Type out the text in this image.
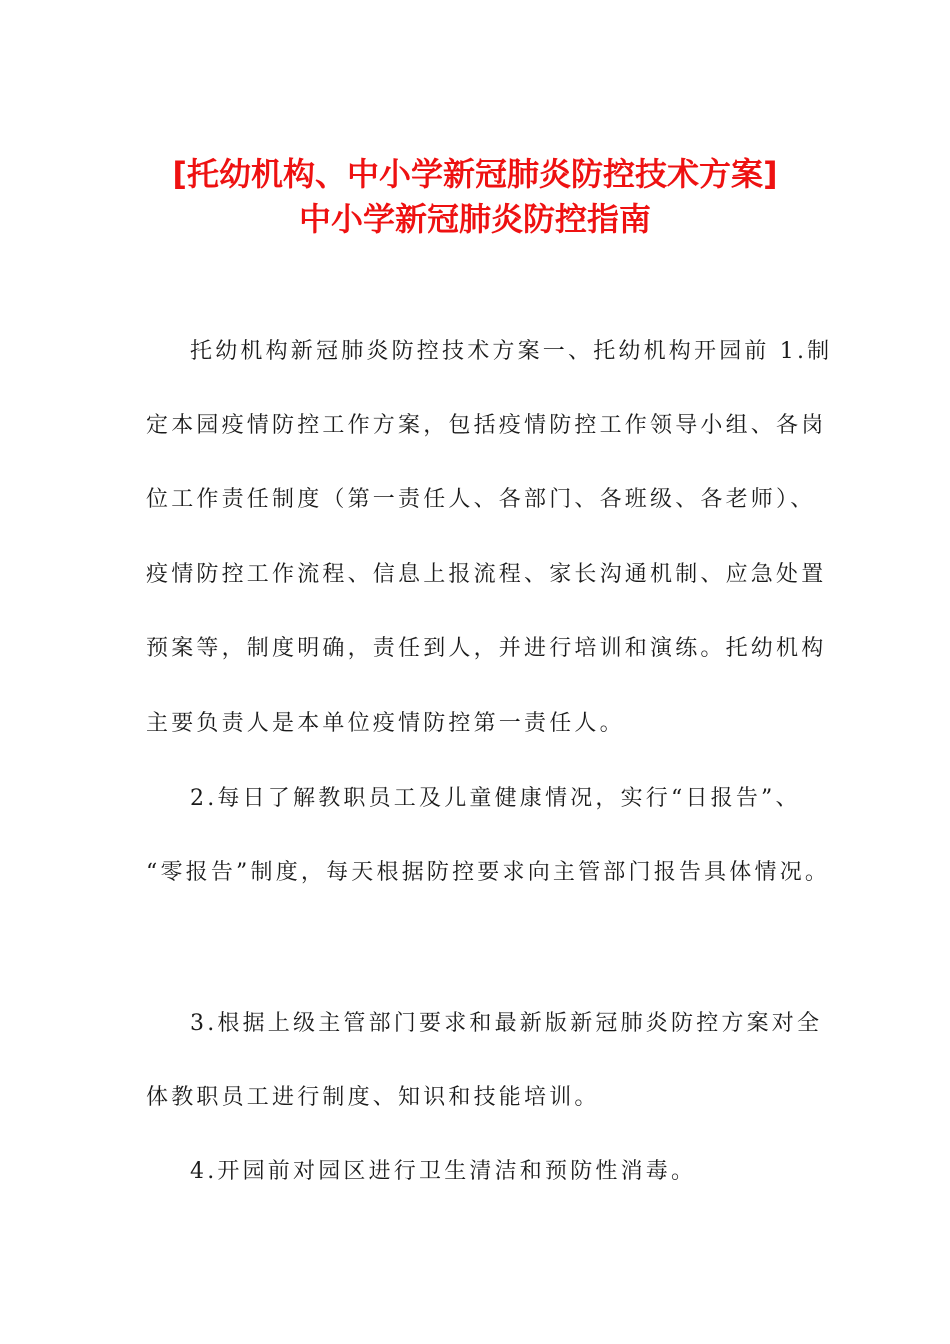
[托幼机构、中小学新冠肺炎防控技术方案]
中小学新冠肺炎防控指南
托幼机构新冠肺炎防控技术方案一、托幼机构开园前 1.制
定本园疫情防控工作方案，包括疫情防控工作领导小组、各岗
位工作责任制度（第一责任人、各部门、各班级、各老师）、
疫情防控工作流程、信息上报流程、家长沟通机制、应急处置
预案等，制度明确，责任到人，并进行培训和演练。托幼机构
主要负责人是本单位疫情防控第一责任人。
2.每日了解教职员工及儿童健康情况，实行“日报告”、
“零报告”制度，每天根据防控要求向主管部门报告具体情况。
3.根据上级主管部门要求和最新版新冠肺炎防控方案对全
体教职员工进行制度、知识和技能培训。
4.开园前对园区进行卫生清洁和预防性消毒。
